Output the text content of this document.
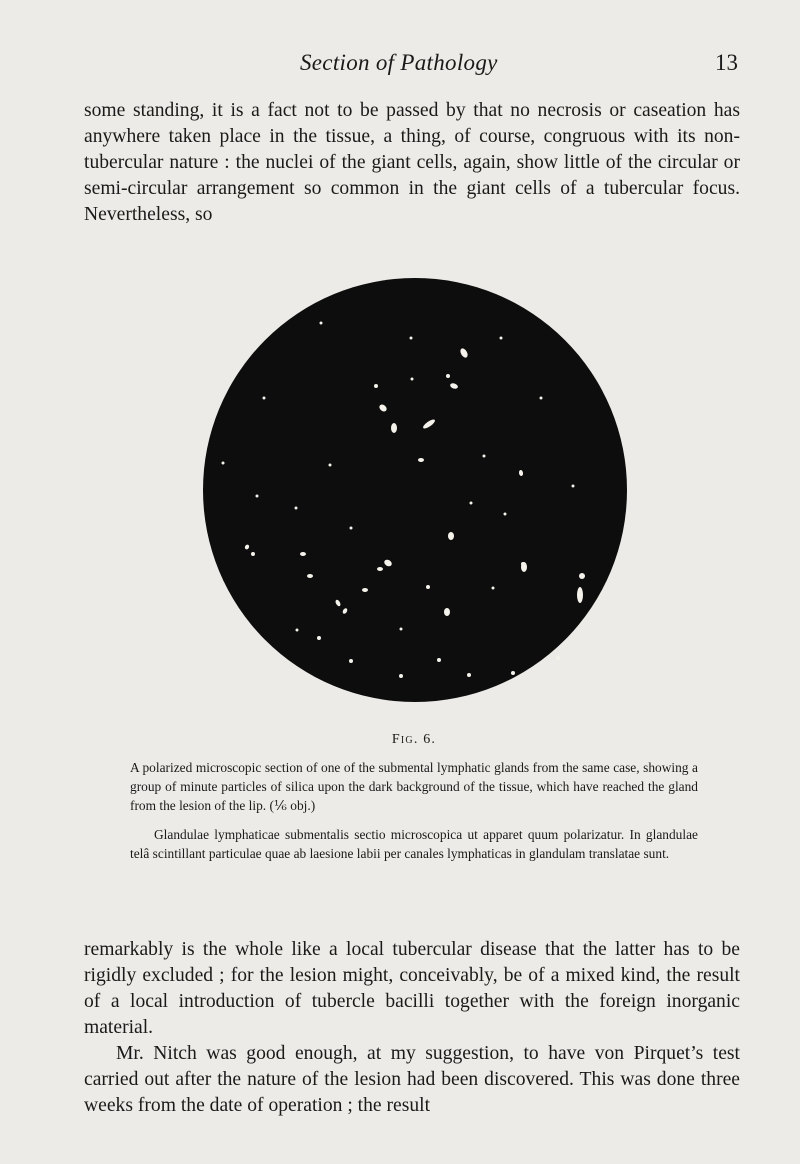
Section of Pathology	13

some standing, it is a fact not to be passed by that no necrosis or caseation has anywhere taken place in the tissue, a thing, of course, congruous with its non-tubercular nature : the nuclei of the giant cells, again, show little of the circular or semi-circular arrangement so common in the giant cells of a tubercular focus. Nevertheless, so

Fig. 6.

A polarized microscopic section of one of the submental lymphatic glands from the same case, showing a group of minute particles of silica upon the dark background of the tissue, which have reached the gland from the lesion of the lip. (⅙ obj.)

Glandulae lymphaticae submentalis sectio microscopica ut apparet quum polarizatur. In glandulae telâ scintillant particulae quae ab laesione labii per canales lymphaticas in glandulam translatae sunt.

remarkably is the whole like a local tubercular disease that the latter has to be rigidly excluded ; for the lesion might, conceivably, be of a mixed kind, the result of a local introduction of tubercle bacilli together with the foreign inorganic material.

Mr. Nitch was good enough, at my suggestion, to have von Pirquet’s test carried out after the nature of the lesion had been discovered. This was done three weeks from the date of operation ; the result
